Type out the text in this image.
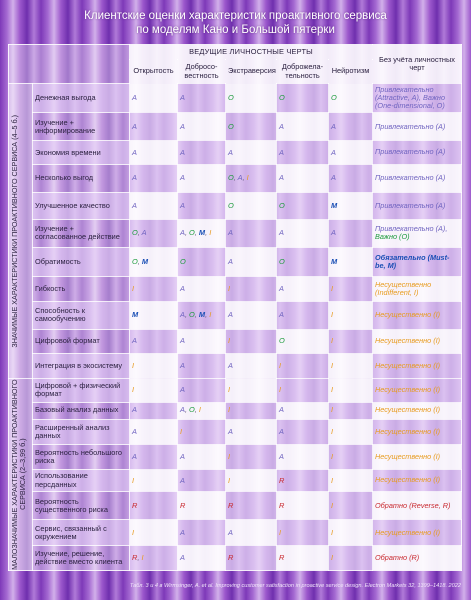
Клиентские оценки характеристик проактивного сервиса
по моделям Кано и Большой пятерки
		ВЕДУЩИЕ ЛИЧНОСТНЫЕ ЧЕРТЫ					Без учёта личностных черт
		Открытость	Добросо-вестность	Экстраверсия	Доброжела-тельность	Нейротизм	

ЗНАЧИМЫЕ ХАРАКТЕРИСТИКИ ПРОАКТИВНОГО СЕРВИСА (4–5 б.)	Денежная выгода	A	A	O	O	O	Привлекательно (Attractive, A), Важно (One-dimensional, O)
	Изучение + информирование	A	A	O	A	A	Привлекательно (A)
	Экономия времени	A	A	A	A	A	Привлекательно (A)
	Несколько выгод	A	A	O, A, I	A	A	Привлекательно (A)
	Улучшенное качество	A	A	O	O	M	Привлекательно (A)
	Изучение + согласованное действие	O, A	A, O, M, I	A	A	A	Привлекательно (A), Важно (O)
	Обратимость	O, M	O	A	O	M	Обязательно (Must-be, M)
	Гибкость	I	A	I	A	I	Несущественно (Indifferent, I)
	Способность к самообучению	M	A, O, M, I	A	A	I	Несущественно (I)
	Цифровой формат	A	A	I	O	I	Несущественно (I)
	Интеграция в экосистему	I	A	A	I	I	Несущественно (I)

МАЛОЗНАЧИМЫЕ ХАРАКТЕРИСТИКИ ПРОАКТИВНОГО СЕРВИСА (2–3,99 б.)	Цифровой + физический формат	I	A	I	I	I	Несущественно (I)
	Базовый анализ данных	A	A, O, I	I	A	I	Несущественно (I)
	Расширенный анализ данных	A	I	A	A	I	Несущественно (I)
	Вероятность небольшого риска	A	A	I	A	I	Несущественно (I)
	Использование персданных	I	A	I	R	I	Несущественно (I)
	Вероятность существенного риска	R	R	R	R	I	Обратно (Reverse, R)
	Сервис, связанный с окружением	I	A	A	I	I	Несущественно (I)
	Изучение, решение, действие вместо клиента	R, I	A	R	R	I	Обратно (R)
Табл. 3 и 4 в Wirmsinger, A. et al. Improving customer satisfaction in proactive service design. Electron Markets 32, 1399–1418. 2022
